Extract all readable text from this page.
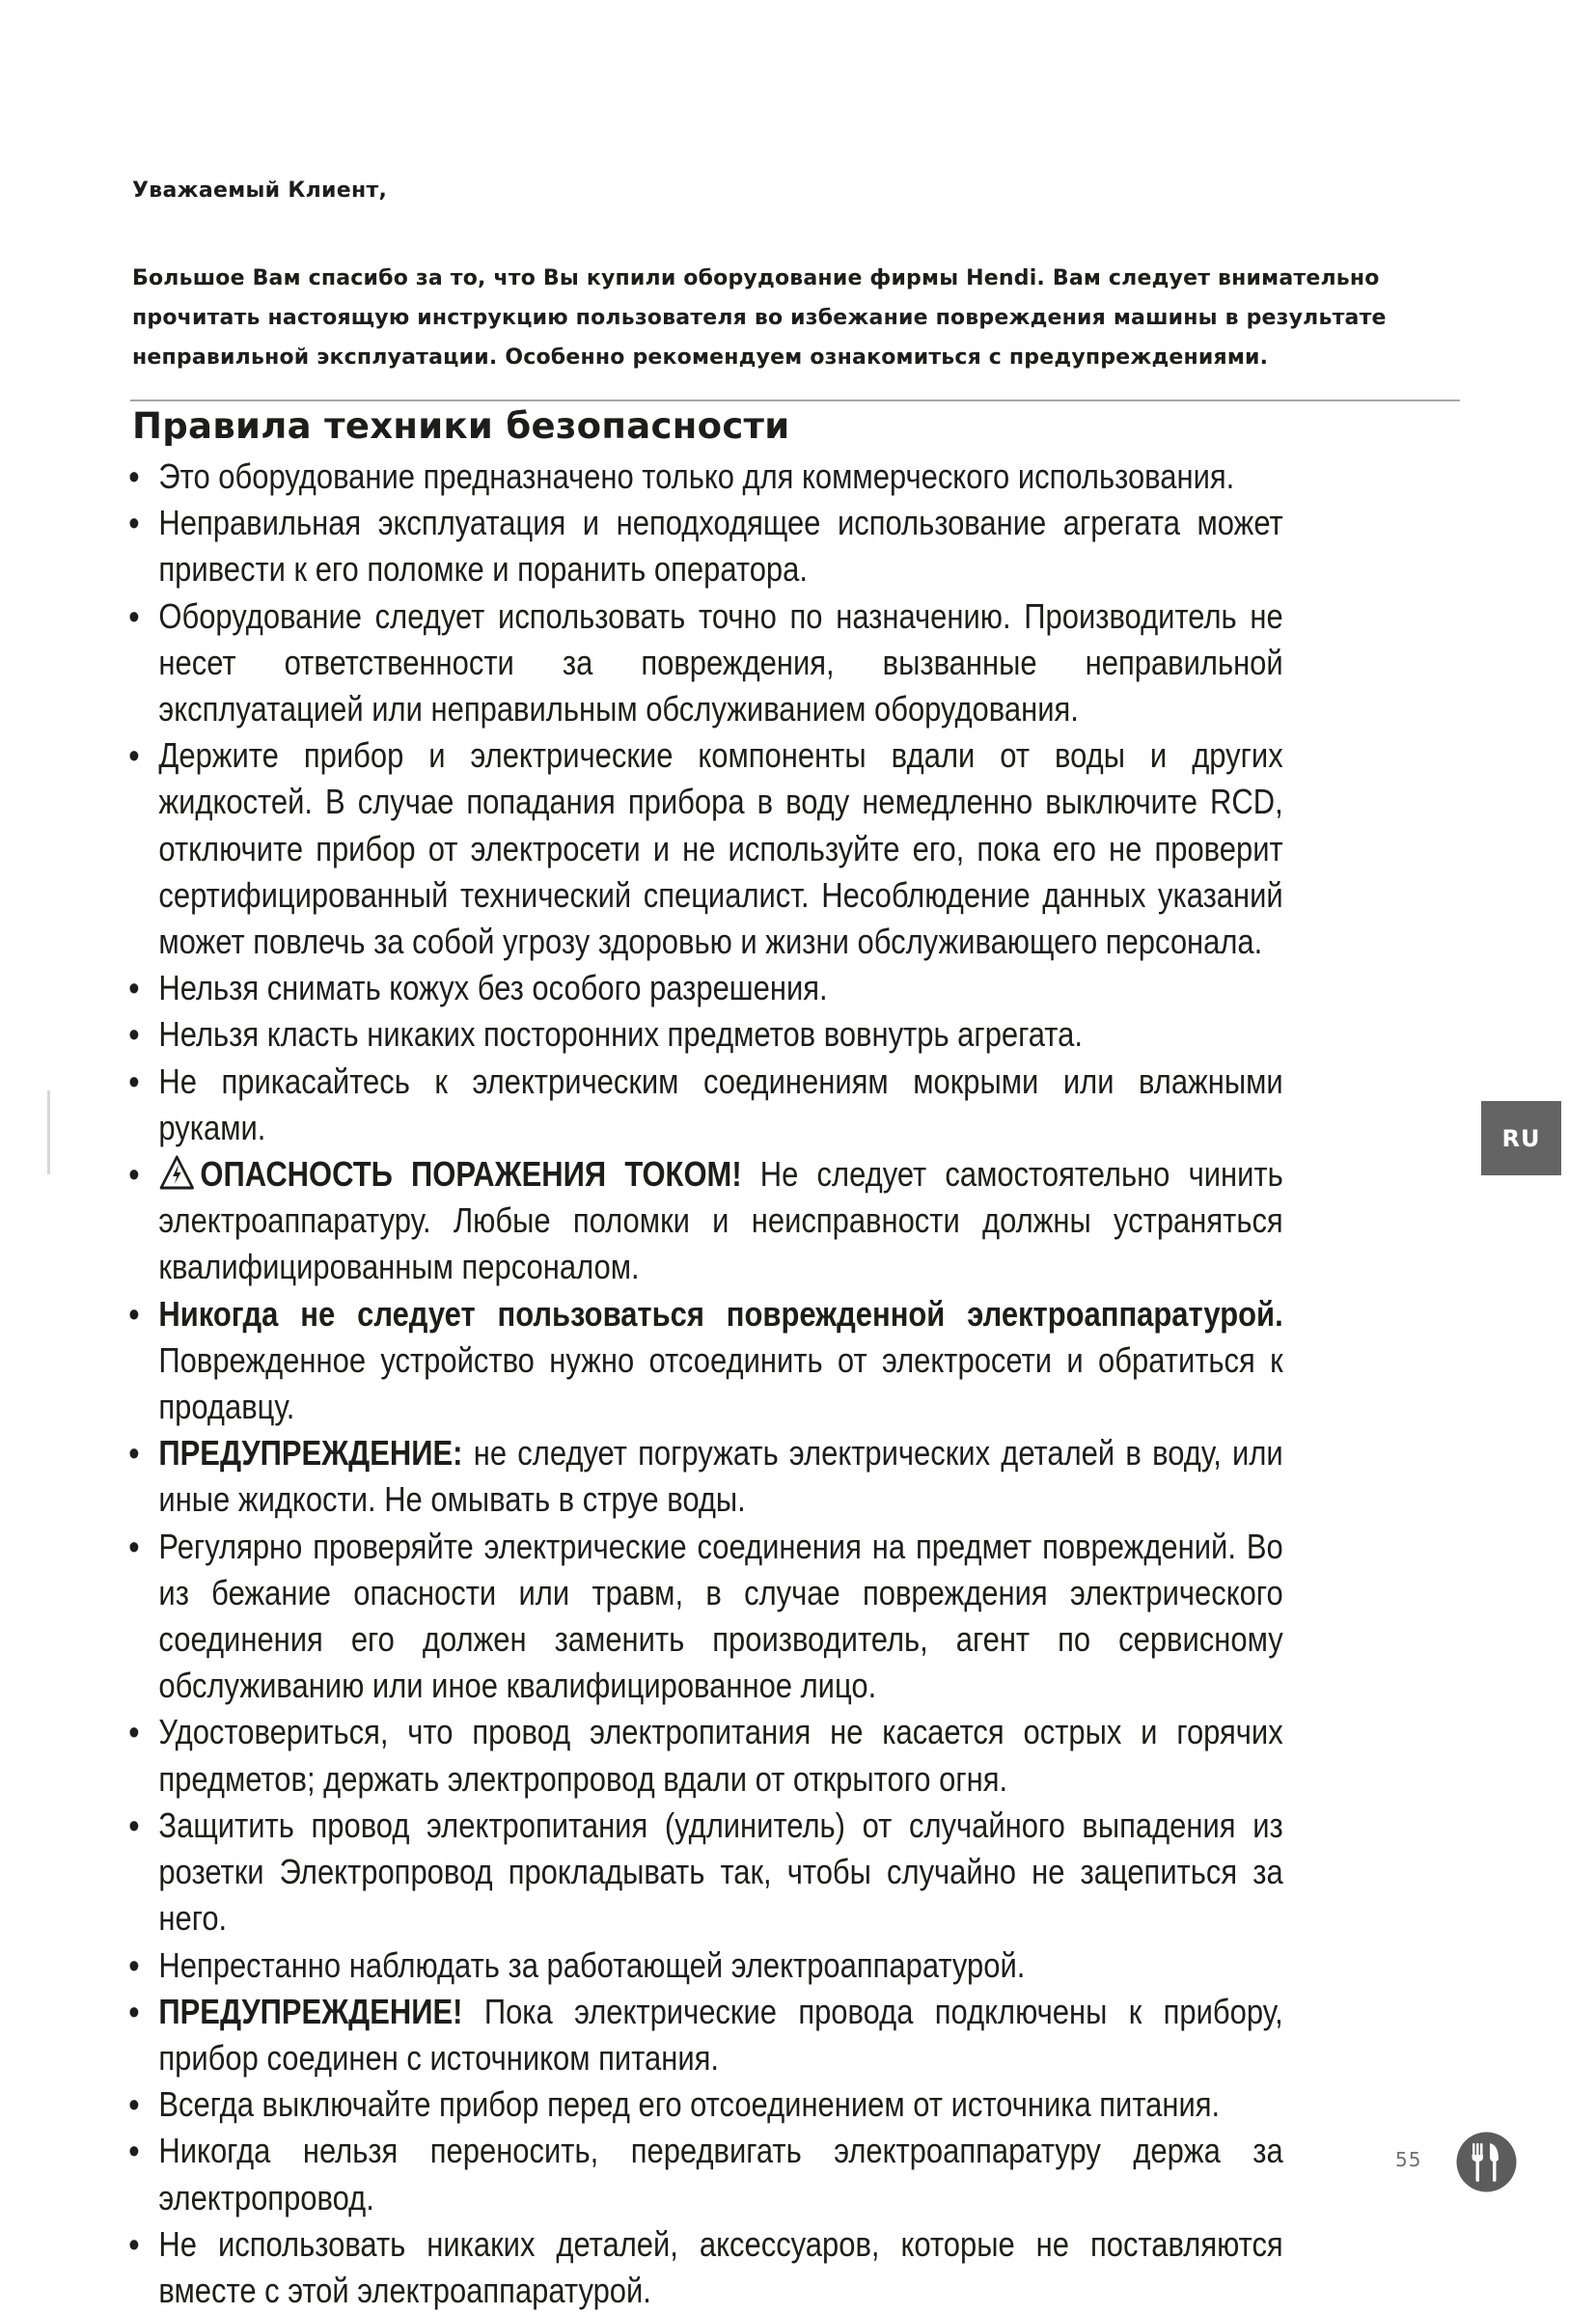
Уважаемый Клиент,
Большое Вам спасибо за то, что Вы купили оборудование фирмы Hendi. Вам следует внимательно прочитать настоящую инструкцию пользователя во избежание повреждения машины в результате неправильной эксплуатации. Особенно рекомендуем ознакомиться с предупреждениями.
Правила техники безопасности
• Это оборудование предназначено только для коммерческого использования.
• Неправильная эксплуатация и неподходящее использование агрегата может привести к его поломке и поранить оператора.
• Оборудование следует использовать точно по назначению. Производитель не несет ответственности за повреждения, вызванные неправильной эксплуатацией или неправильным обслуживанием оборудования.
• Держите прибор и электрические компоненты вдали от воды и других жидкостей. В случае попадания прибора в воду немедленно выключите RCD, отключите прибор от электросети и не используйте его, пока его не проверит сертифицированный технический специалист. Несоблюдение данных указаний может повлечь за собой угрозу здоровью и жизни обслуживающего персонала.
• Нельзя снимать кожух без особого разрешения.
• Нельзя класть никаких посторонних предметов вовнутрь агрегата.
• Не прикасайтесь к электрическим соединениям мокрыми или влажными руками.
•	ОПАСНОСТЬ ПОРАЖЕНИЯ ТОКОМ! Не следует самостоятельно чинить электроаппаратуру. Любые поломки и неисправности должны устраняться квалифицированным персоналом.
• Никогда не следует пользоваться поврежденной электроаппаратурой. Поврежденное устройство нужно отсоединить от электросети и обратиться к продавцу.
• ПРЕДУПРЕЖДЕНИЕ: не следует погружать электрических деталей в воду, или иные жидкости. Не омывать в струе воды.
• Регулярно проверяйте электрические соединения на предмет повреждений. Во из бежание опасности или травм, в случае повреждения электрического соединения его должен заменить производитель, агент по сервисному обслуживанию или иное квалифицированное лицо.
• Удостовериться, что провод электропитания не касается острых и горячих предметов; держать электропровод вдали от открытого огня.
• Защитить провод электропитания (удлинитель) от случайного выпадения из розетки Электропровод прокладывать так, чтобы случайно не зацепиться за него.
• Непрестанно наблюдать за работающей электроаппаратурой.
• ПРЕДУПРЕЖДЕНИЕ! Пока электрические провода подключены к прибору, прибор соединен с источником питания.
• Всегда выключайте прибор перед его отсоединением от источника питания.
• Никогда нельзя переносить, передвигать электроаппаратуру держа за электропровод.
• Не использовать никаких деталей, аксессуаров, которые не поставляются вместе с этой электроаппаратурой.
RU
55
